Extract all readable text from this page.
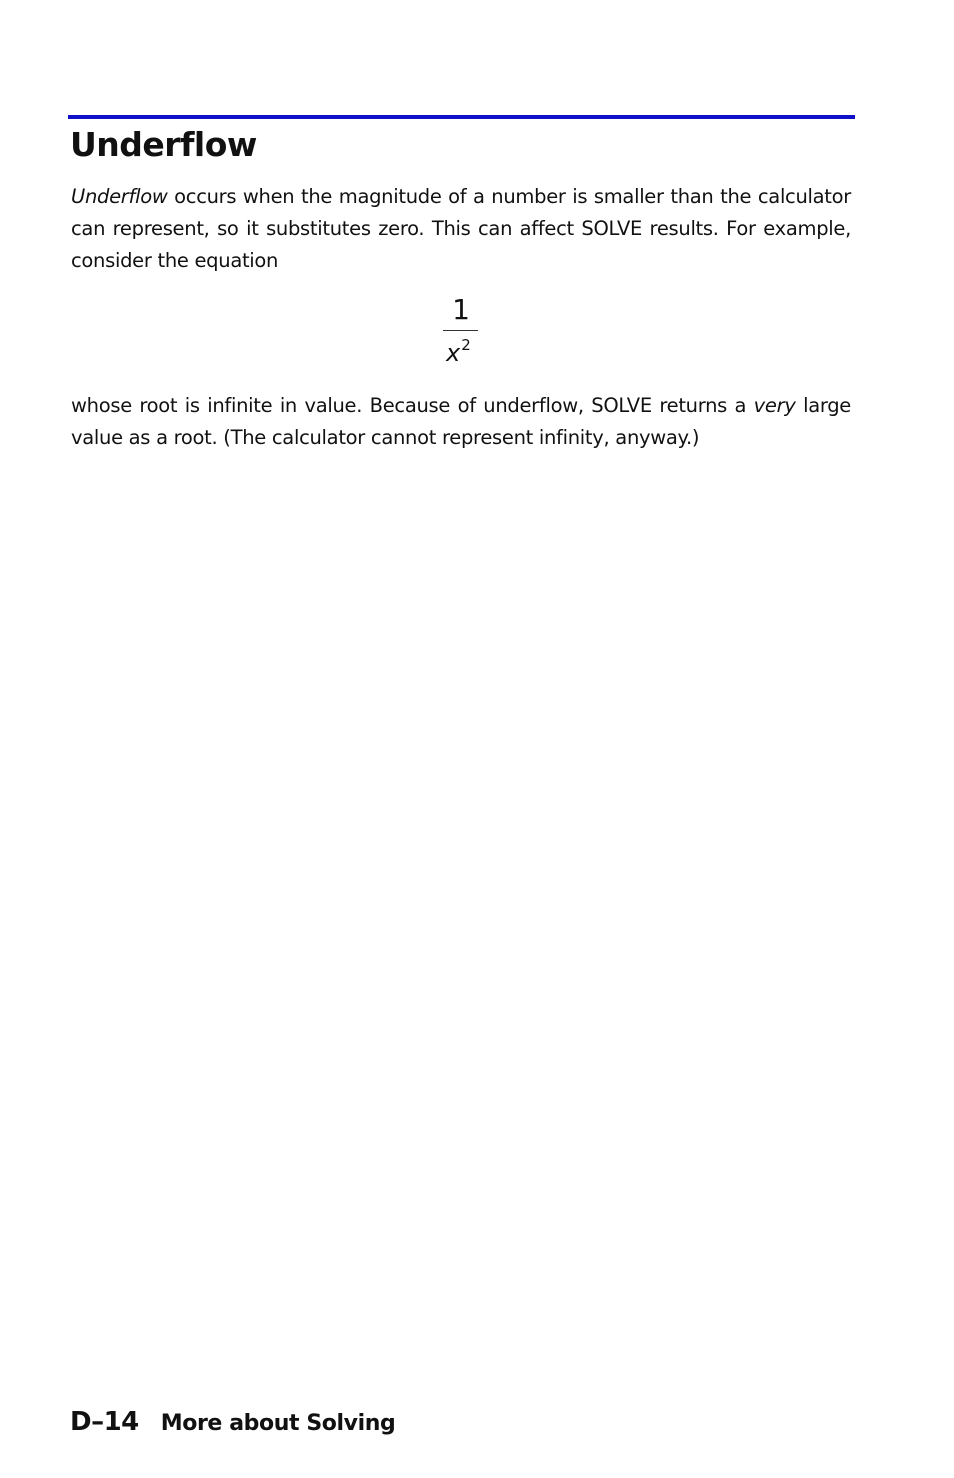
Underflow

Underflow occurs when the magnitude of a number is smaller than the calculator can represent, so it substitutes zero. This can affect SOLVE results. For example, consider the equation

1
$x^2$

whose root is infinite in value. Because of underflow, SOLVE returns a very large value as a root. (The calculator cannot represent infinity, anyway.)

D–14 More about Solving
